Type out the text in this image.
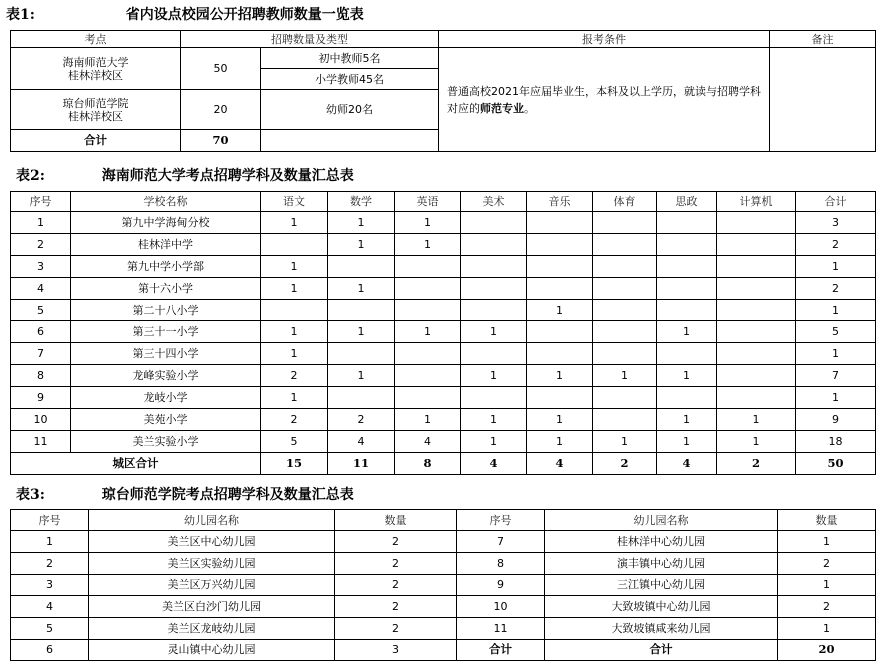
表1:	省内设点校园公开招聘教师数量一览表
考点	招聘数量及类型		报考条件	备注

海南师范大学
桂林洋校区	50	初中教师5名	普通高校2021年应届毕业生，本科及以上学历，就读与招聘学科对应的师范专业。	
		小学教师45名		

琼台师范学院
桂林洋校区	20	幼师20名		
合计	70			
表2:	海南师范大学考点招聘学科及数量汇总表
序号	学校名称	语文	数学	英语	美术	音乐	体育	思政	计算机	合计
1	第九中学海甸分校	1	1	1						3
2	桂林洋中学		1	1						2
3	第九中学小学部	1								1
4	第十六小学	1	1							2
5	第二十八小学					1				1
6	第三十一小学	1	1	1	1			1		5
7	第三十四小学	1								1
8	龙峰实验小学	2	1		1	1	1	1		7
9	龙岐小学	1								1
10	美苑小学	2	2	1	1	1		1	1	9
11	美兰实验小学	5	4	4	1	1	1	1	1	18
城区合计		15	11	8	4	4	2	4	2	50
表3:	琼台师范学院考点招聘学科及数量汇总表
序号	幼儿园名称	数量	序号	幼儿园名称	数量
1	美兰区中心幼儿园	2	7	桂林洋中心幼儿园	1
2	美兰区实验幼儿园	2	8	演丰镇中心幼儿园	2
3	美兰区万兴幼儿园	2	9	三江镇中心幼儿园	1
4	美兰区白沙门幼儿园	2	10	大致坡镇中心幼儿园	2
5	美兰区龙岐幼儿园	2	11	大致坡镇咸来幼儿园	1
6	灵山镇中心幼儿园	3	合计	合计	20
